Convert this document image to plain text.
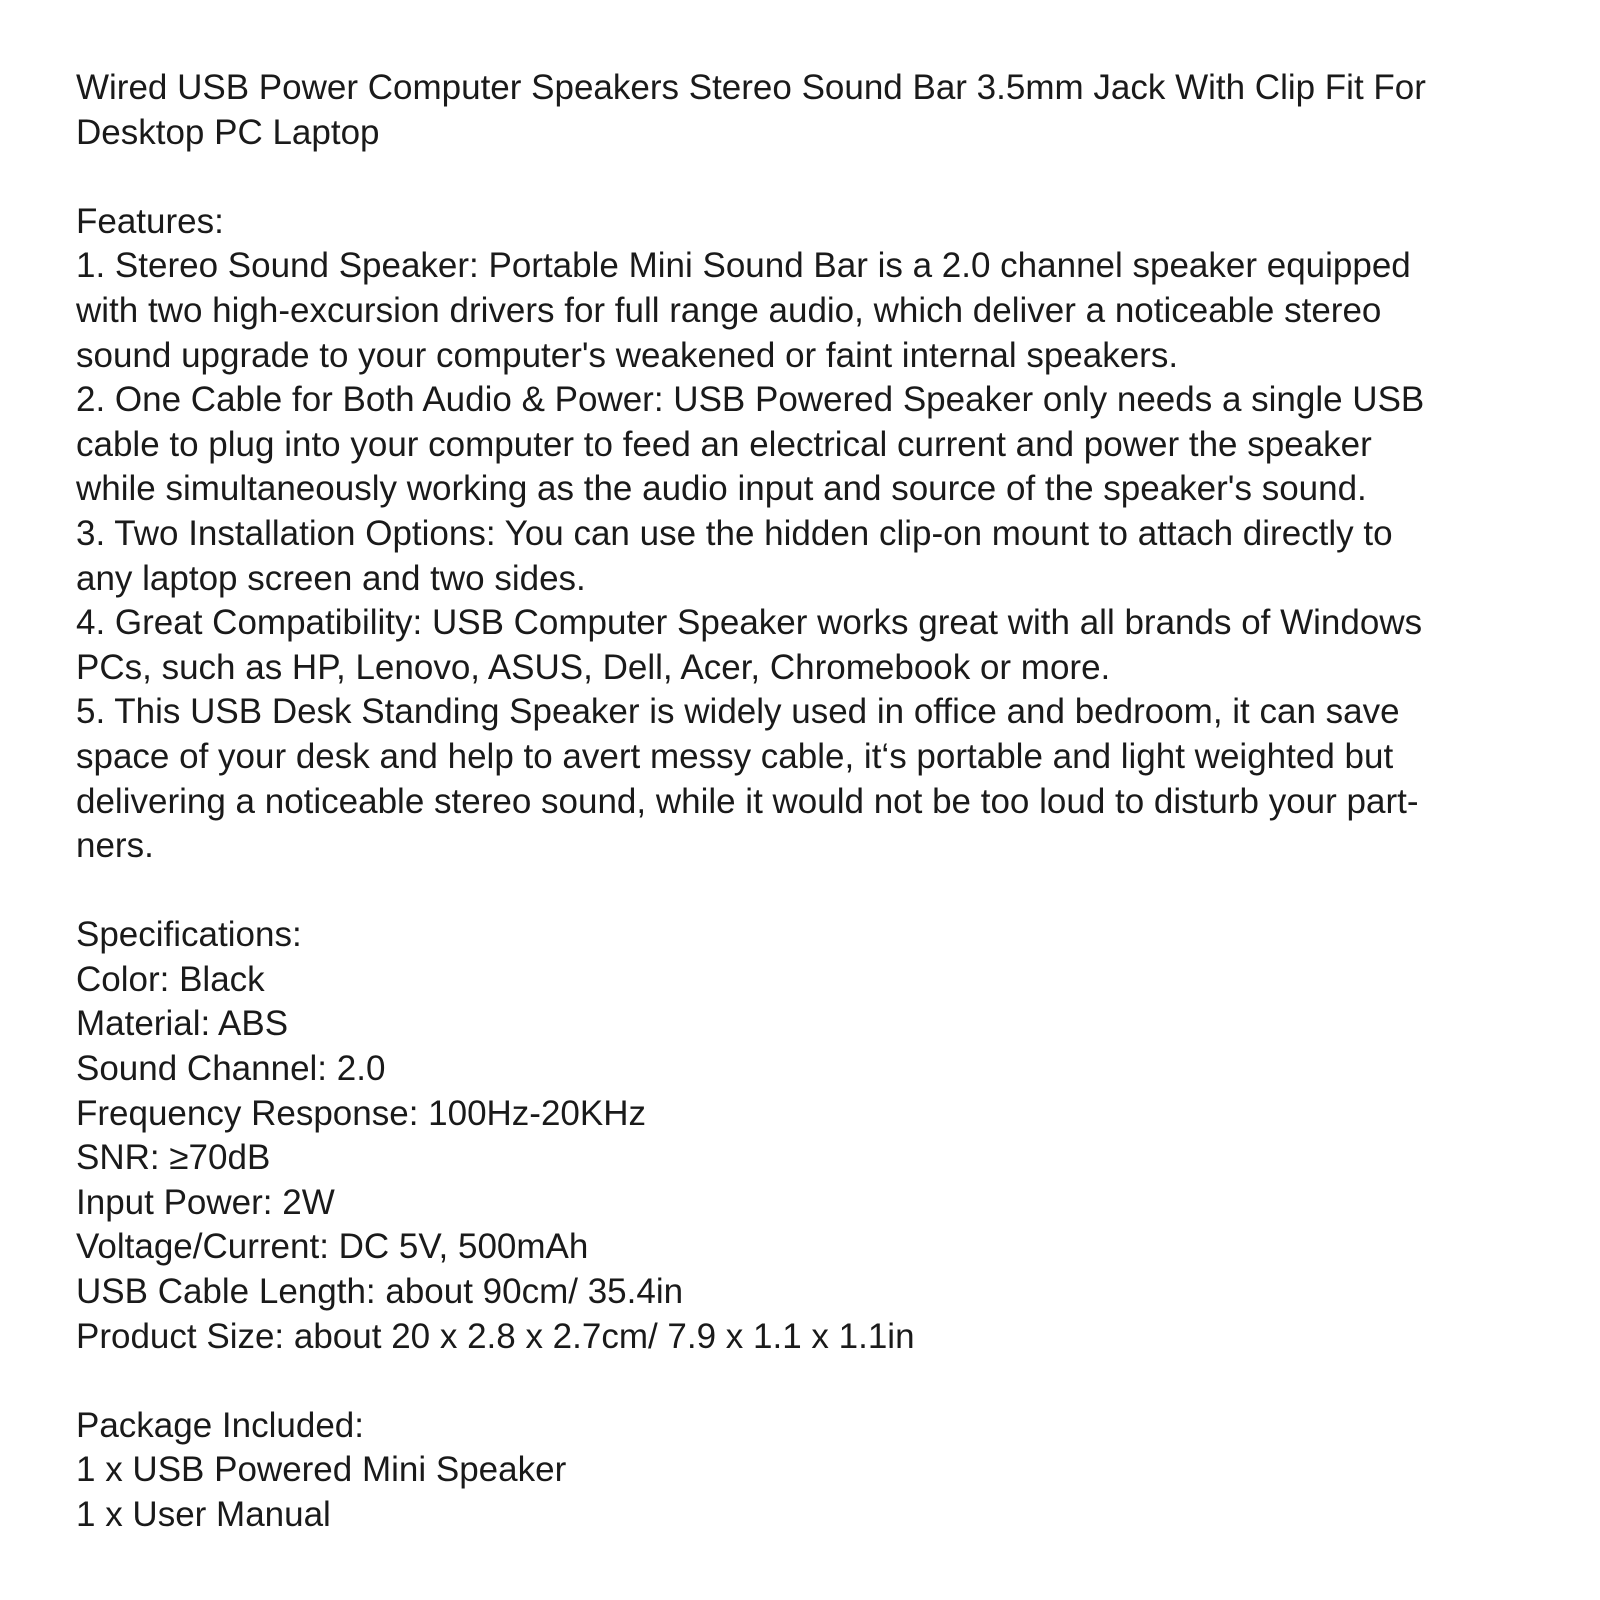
Wired USB Power Computer Speakers Stereo Sound Bar 3.5mm Jack With Clip Fit For
Desktop PC Laptop
Features:
1. Stereo Sound Speaker: Portable Mini Sound Bar is a 2.0 channel speaker equipped
with two high-excursion drivers for full range audio, which deliver a noticeable stereo
sound upgrade to your computer's weakened or faint internal speakers.
2. One Cable for Both Audio & Power: USB Powered Speaker only needs a single USB
cable to plug into your computer to feed an electrical current and power the speaker
while simultaneously working as the audio input and source of the speaker's sound.
3. Two Installation Options: You can use the hidden clip-on mount to attach directly to
any laptop screen and two sides.
4. Great Compatibility: USB Computer Speaker works great with all brands of Windows
PCs, such as HP, Lenovo, ASUS, Dell, Acer, Chromebook or more.
5. This USB Desk Standing Speaker is widely used in office and bedroom, it can save
space of your desk and help to avert messy cable, it‘s portable and light weighted but
delivering a noticeable stereo sound, while it would not be too loud to disturb your part-
ners.
Specifications:
Color: Black
Material: ABS
Sound Channel: 2.0
Frequency Response: 100Hz-20KHz
SNR: ≥70dB
Input Power: 2W
Voltage/Current: DC 5V, 500mAh
USB Cable Length: about 90cm/ 35.4in
Product Size: about 20 x 2.8 x 2.7cm/ 7.9 x 1.1 x 1.1in
Package Included:
1 x USB Powered Mini Speaker
1 x User Manual
